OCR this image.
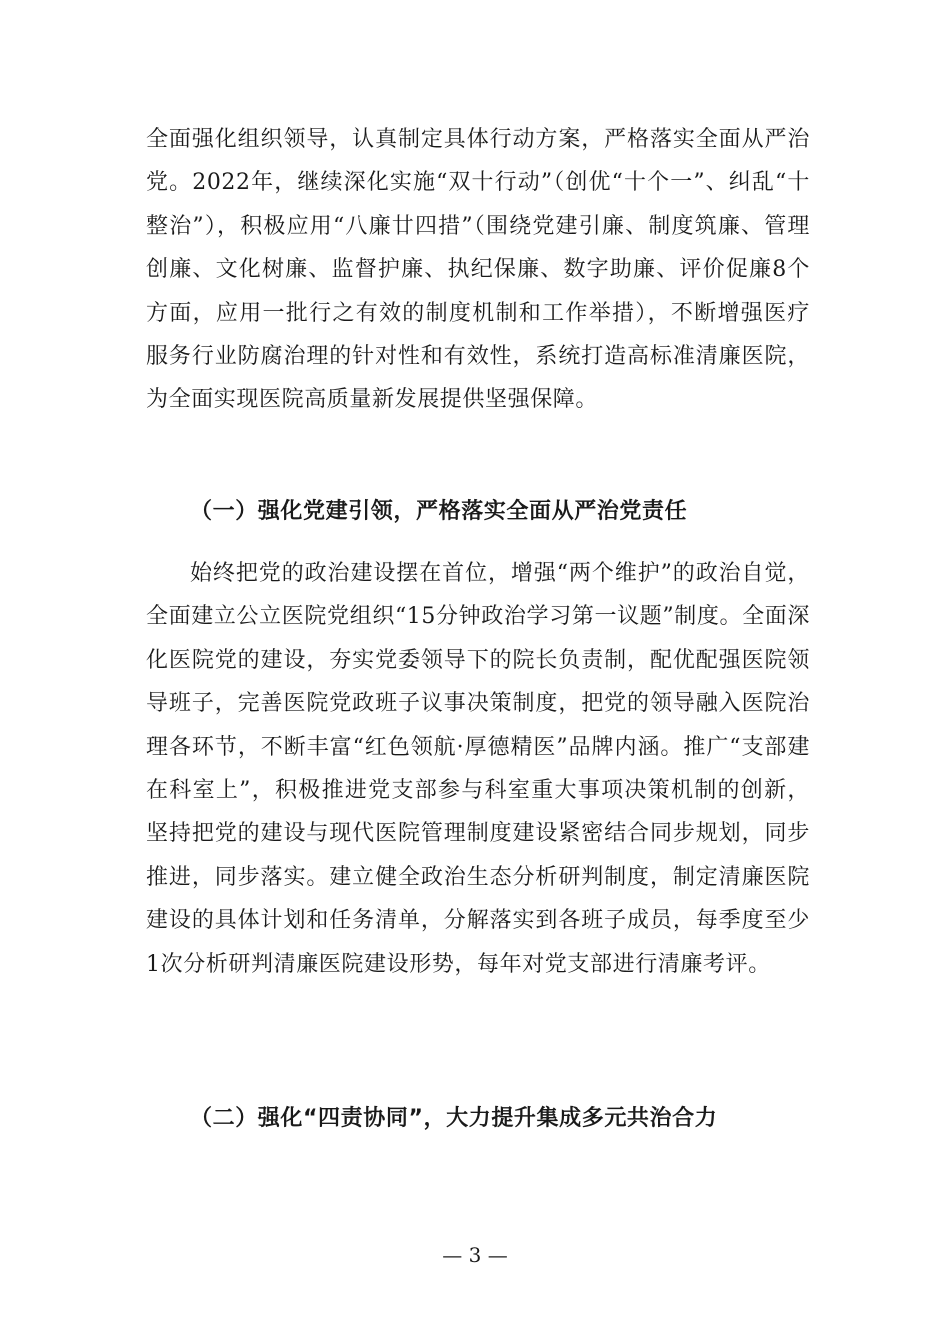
全面强化组织领导，认真制定具体行动方案，严格落实全面从严治党。2022年，继续深化实施“双十行动”（创优“十个一”、纠乱“十整治”），积极应用“八廉廿四措”（围绕党建引廉、制度筑廉、管理创廉、文化树廉、监督护廉、执纪保廉、数字助廉、评价促廉8个方面，应用一批行之有效的制度机制和工作举措），不断增强医疗服务行业防腐治理的针对性和有效性，系统打造高标准清廉医院，为全面实现医院高质量新发展提供坚强保障。

（一）强化党建引领，严格落实全面从严治党责任

始终把党的政治建设摆在首位，增强“两个维护”的政治自觉，全面建立公立医院党组织“15分钟政治学习第一议题”制度。全面深化医院党的建设，夯实党委领导下的院长负责制，配优配强医院领导班子，完善医院党政班子议事决策制度，把党的领导融入医院治理各环节，不断丰富“红色领航·厚德精医”品牌内涵。推广“支部建在科室上”，积极推进党支部参与科室重大事项决策机制的创新，坚持把党的建设与现代医院管理制度建设紧密结合同步规划，同步推进，同步落实。建立健全政治生态分析研判制度，制定清廉医院建设的具体计划和任务清单，分解落实到各班子成员，每季度至少1次分析研判清廉医院建设形势，每年对党支部进行清廉考评。

（二）强化“四责协同”，大力提升集成多元共治合力

— 3 —
